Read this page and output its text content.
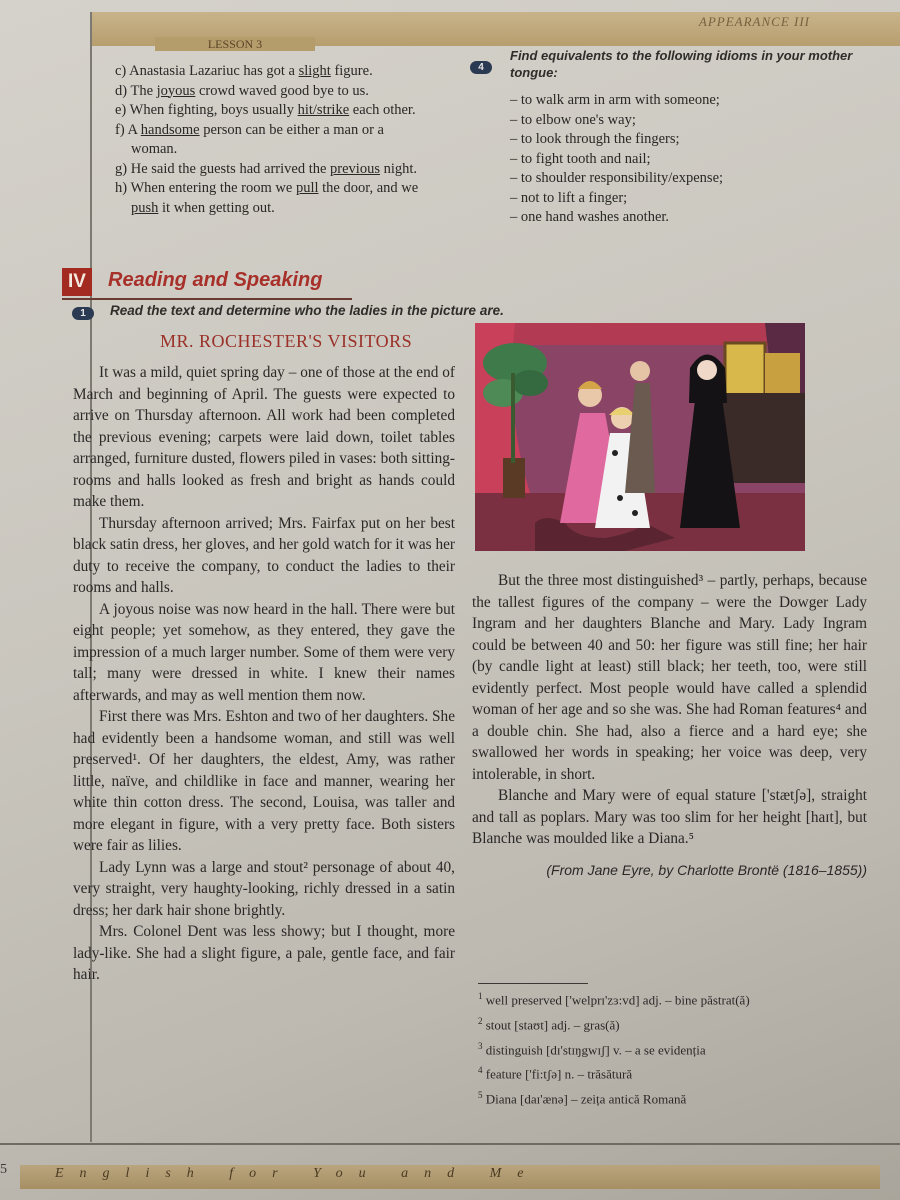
APPEARANCE III
LESSON 3
c) Anastasia Lazariuc has got a slight figure.
d) The joyous crowd waved good bye to us.
e) When fighting, boys usually hit/strike each other.
f) A handsome person can be either a man or a
woman.
g) He said the guests had arrived the previous night.
h) When entering the room we pull the door, and we
push it when getting out.
4
Find equivalents to the following idioms in your mother tongue:
– to walk arm in arm with someone;
– to elbow one's way;
– to look through the fingers;
– to fight tooth and nail;
– to shoulder responsibility/expense;
– not to lift a finger;
– one hand washes another.
IV	Reading and Speaking
1	Read the text and determine who the ladies in the picture are.
MR. ROCHESTER'S VISITORS

It was a mild, quiet spring day – one of those at the end of March and beginning of April. The guests were expected to arrive on Thursday afternoon. All work had been completed the previous evening; carpets were laid down, toilet tables arranged, furniture dusted, flowers piled in vases: both sitting-rooms and halls looked as fresh and bright as hands could make them.

Thursday afternoon arrived; Mrs. Fairfax put on her best black satin dress, her gloves, and her gold watch for it was her duty to receive the company, to conduct the ladies to their rooms and halls.

A joyous noise was now heard in the hall. There were but eight people; yet somehow, as they entered, they gave the impression of a much larger number. Some of them were very tall; many were dressed in white. I knew their names afterwards, and may as well mention them now.

First there was Mrs. Eshton and two of her daughters. She had evidently been a handsome woman, and still was well preserved¹. Of her daughters, the eldest, Amy, was rather little, naïve, and childlike in face and manner, wearing her white thin cotton dress. The second, Louisa, was taller and more elegant in figure, with a very pretty face. Both sisters were fair as lilies.

Lady Lynn was a large and stout² personage of about 40, very straight, very haughty-looking, richly dressed in a satin dress; her dark hair shone brightly.

Mrs. Colonel Dent was less showy; but I thought, more lady-like. She had a slight figure, a pale, gentle face, and fair hair.

But the three most distinguished³ – partly, perhaps, because the tallest figures of the company – were the Dowger Lady Ingram and her daughters Blanche and Mary. Lady Ingram could be between 40 and 50: her figure was still fine; her hair (by candle light at least) still black; her teeth, too, were still evidently perfect. Most people would have called a splendid woman of her age and so she was. She had Roman features⁴ and a double chin. She had, also a fierce and a hard eye; she swallowed her words in speaking; her voice was deep, very intolerable, in short.

Blanche and Mary were of equal stature ['stætʃə], straight and tall as poplars. Mary was too slim for her height [haɪt], but Blanche was moulded like a Diana.⁵

(From Jane Eyre, by Charlotte Brontë (1816–1855))

$^1$ well preserved ['welprɪ'zɜ:vd] adj. – bine păstrat(ă)
$^2$ stout [staʊt] adj. – gras(ă)
$^3$ distinguish [dɪ'stɪŋgwɪʃ] v. – a se evidenția
$^4$ feature ['fi:tʃə] n. – trăsătură
$^5$ Diana [daɪ'ænə] – zeița antică Romană
English for You and Me
5
